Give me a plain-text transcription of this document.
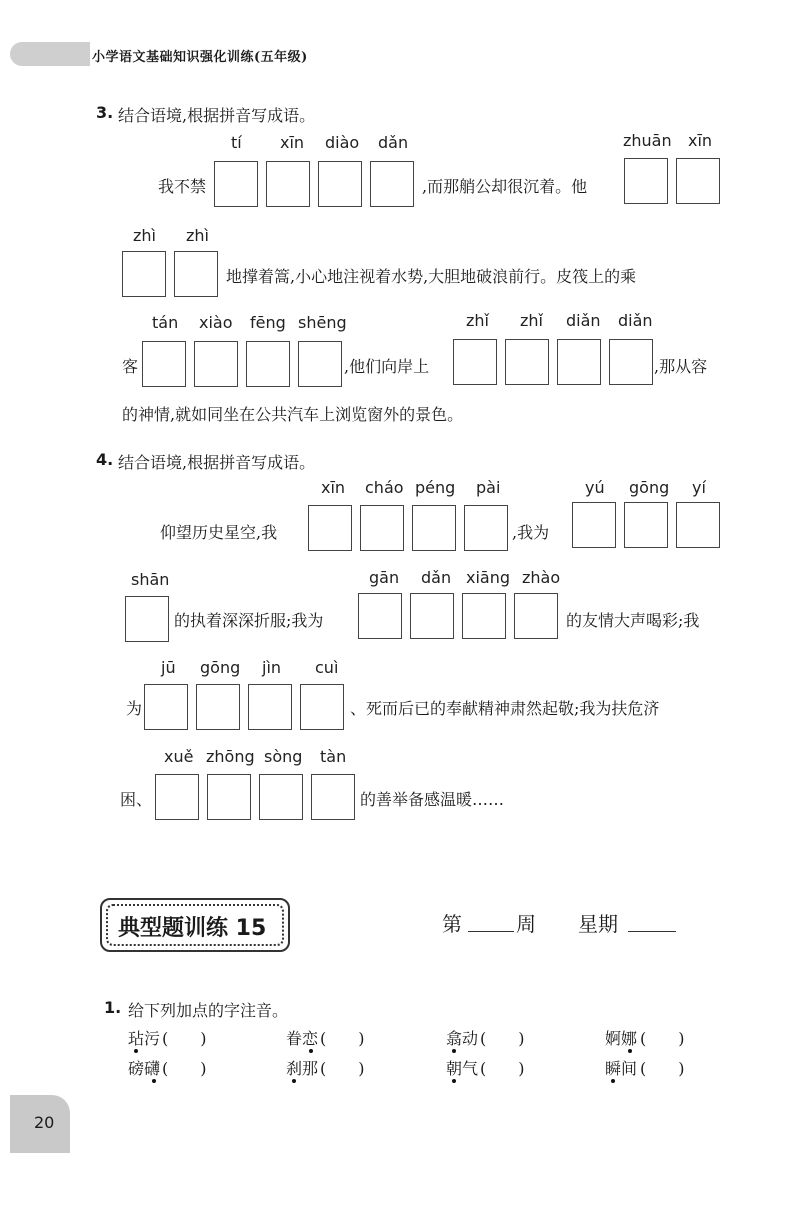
小学语文基础知识强化训练(五年级)
3. 结合语境,根据拼音写成语。
tí xīn diào dǎn	zhuān xīn
我不禁	,而那艄公却很沉着。他
zhì zhì
地撑着篙,小心地注视着水势,大胆地破浪前行。皮筏上的乘
tán xiào fēng shēng	zhǐ zhǐ diǎn diǎn
客	,他们向岸上	,那从容
的神情,就如同坐在公共汽车上浏览窗外的景色。
4. 结合语境,根据拼音写成语。
xīn cháo péng pài	yú gōng yí
仰望历史星空,我	,我为
shān	gān dǎn xiāng zhào
的执着深深折服;我为	的友情大声喝彩;我
jū gōng jìn cuì
为	、死而后已的奉献精神肃然起敬;我为扶危济
xuě zhōng sòng tàn
困、	的善举备感温暖……
典型题训练 15	第	周 星期
1. 给下列加点的字注音。
玷污 (　　)	眷恋 (　　)	翕动 (　　)	婀娜 (　　)
磅礴 (　　)	刹那 (　　)	朝气 (　　)	瞬间 (　　)
20
